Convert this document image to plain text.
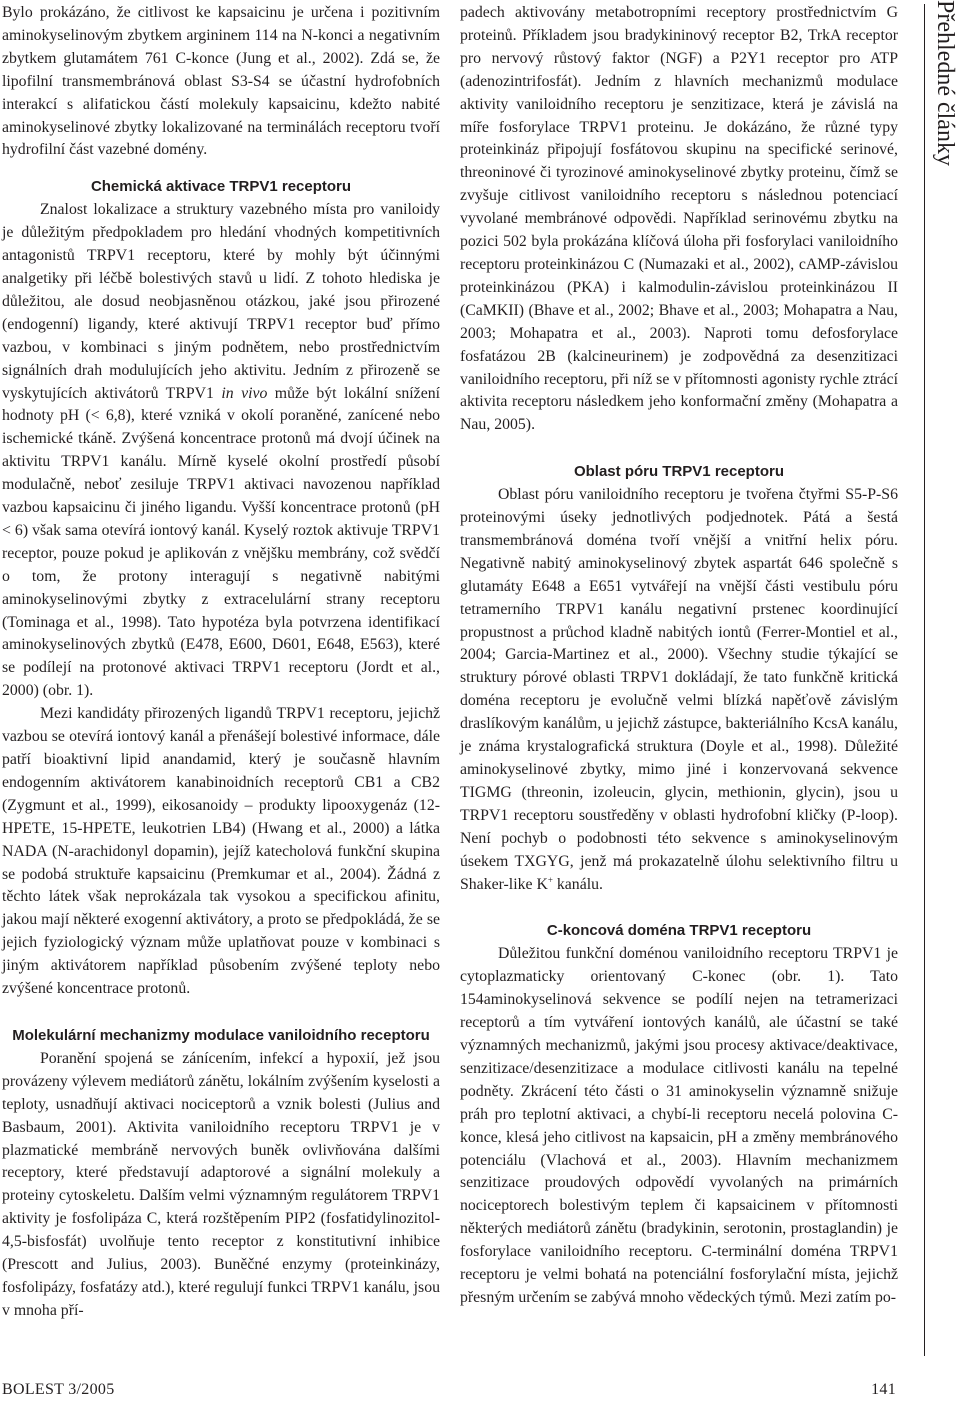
Bylo prokázáno, že citlivost ke kapsaicinu je určena i pozitivním aminokyselinovým zbytkem argininem 114 na N-konci a negativním zbytkem glutamátem 761 C-konce (Jung et al., 2002). Zdá se, že lipofilní transmembránová oblast S3-S4 se účastní hydrofobních interakcí s alifatickou částí molekuly kapsaicinu, kdežto nabité aminokyselinové zbytky lokalizované na terminálách receptoru tvoří hydrofilní část vazebné domény.

Chemická aktivace TRPV1 receptoru

Znalost lokalizace a struktury vazebného místa pro vaniloidy je důležitým předpokladem pro hledání vhodných kompetitivních antagonistů TRPV1 receptoru, které by mohly být účinnými analgetiky při léčbě bolestivých stavů u lidí. Z tohoto hlediska je důležitou, ale dosud neobjasněnou otázkou, jaké jsou přirozené (endogenní) ligandy, které aktivují TRPV1 receptor buď přímo vazbou, v kombinaci s jiným podnětem, nebo prostřednictvím signálních drah modulujících jeho aktivitu. Jedním z přirozeně se vyskytujících aktivátorů TRPV1 in vivo může být lokální snížení hodnoty pH (< 6,8), které vzniká v okolí poraněné, zanícené nebo ischemické tkáně. Zvýšená koncentrace protonů má dvojí účinek na aktivitu TRPV1 kanálu. Mírně kyselé okolní prostředí působí modulačně, neboť zesiluje TRPV1 aktivaci navozenou například vazbou kapsaicinu či jiného ligandu. Vyšší koncentrace protonů (pH < 6) však sama otevírá iontový kanál. Kyselý roztok aktivuje TRPV1 receptor, pouze pokud je aplikován z vnějšku membrány, což svědčí o tom, že protony interagují s negativně nabitými aminokyselinovými zbytky z extracelulární strany receptoru (Tominaga et al., 1998). Tato hypotéza byla potvrzena identifikací aminokyselinových zbytků (E478, E600, D601, E648, E563), které se podílejí na protonové aktivaci TRPV1 receptoru (Jordt et al., 2000) (obr. 1).

Mezi kandidáty přirozených ligandů TRPV1 receptoru, jejichž vazbou se otevírá iontový kanál a přenášejí bolestivé informace, dále patří bioaktivní lipid anandamid, který je současně hlavním endogenním aktivátorem kanabinoidních receptorů CB1 a CB2 (Zygmunt et al., 1999), eikosanoidy – produkty lipooxygenáz (12-HPETE, 15-HPETE, leukotrien LB4) (Hwang et al., 2000) a látka NADA (N-arachidonyl dopamin), jejíž katecholová funkční skupina se podobá struktuře kapsaicinu (Premkumar et al., 2004). Žádná z těchto látek však neprokázala tak vysokou a specifickou afinitu, jakou mají některé exogenní aktivátory, a proto se předpokládá, že se jejich fyziologický význam může uplatňovat pouze v kombinaci s jiným aktivátorem například působením zvýšené teploty nebo zvýšené koncentrace protonů.

Molekulární mechanizmy modulace vaniloidního receptoru

Poranění spojená se zánícením, infekcí a hypoxií, jež jsou provázeny výlevem mediátorů zánětu, lokálním zvýšením kyselosti a teploty, usnadňují aktivaci nociceptorů a vznik bolesti (Julius and Basbaum, 2001). Aktivita vaniloidního receptoru TRPV1 je v plazmatické membráně nervových buněk ovlivňována dalšími receptory, které představují adaptorové a signální molekuly a proteiny cytoskeletu. Dalším velmi významným regulátorem TRPV1 aktivity je fosfolipáza C, která rozštěpením PIP2 (fosfatidylinozitol-4,5-bisfosfát) uvolňuje tento receptor z konstitutivní inhibice (Prescott and Julius, 2003). Buněčné enzymy (proteinkinázy, fosfolipázy, fosfatázy atd.), které regulují funkci TRPV1 kanálu, jsou v mnoha pří-

padech aktivovány metabotropními receptory prostřednictvím G proteinů. Příkladem jsou bradykininový receptor B2, TrkA receptor pro nervový růstový faktor (NGF) a P2Y1 receptor pro ATP (adenozintrifosfát). Jedním z hlavních mechanizmů modulace aktivity vaniloidního receptoru je senzitizace, která je závislá na míře fosforylace TRPV1 proteinu. Je dokázáno, že různé typy proteinkináz připojují fosfátovou skupinu na specifické serinové, threoninové či tyrozinové aminokyselinové zbytky proteinu, čímž se zvyšuje citlivost vaniloidního receptoru s následnou potenciací vyvolané membránové odpovědi. Například serinovému zbytku na pozici 502 byla prokázána klíčová úloha při fosforylaci vaniloidního receptoru proteinkinázou C (Numazaki et al., 2002), cAMP-závislou proteinkinázou (PKA) i kalmodulin-závislou proteinkinázou II (CaMKII) (Bhave et al., 2002; Bhave et al., 2003; Mohapatra a Nau, 2003; Mohapatra et al., 2003). Naproti tomu defosforylace fosfatázou 2B (kalcineurinem) je zodpovědná za desenzitizaci vaniloidního receptoru, při níž se v přítomnosti agonisty rychle ztrácí aktivita receptoru následkem jeho konformační změny (Mohapatra a Nau, 2005).

Oblast póru TRPV1 receptoru

Oblast póru vaniloidního receptoru je tvořena čtyřmi S5-P-S6 proteinovými úseky jednotlivých podjednotek. Pátá a šestá transmembránová doména tvoří vnější a vnitřní helix póru. Negativně nabitý aminokyselinový zbytek aspartát 646 společně s glutamáty E648 a E651 vytvářejí na vnější části vestibulu póru tetramerního TRPV1 kanálu negativní prstenec koordinující propustnost a průchod kladně nabitých iontů (Ferrer-Montiel et al., 2004; Garcia-Martinez et al., 2000). Všechny studie týkající se struktury pórové oblasti TRPV1 dokládají, že tato funkčně kritická doména receptoru je evolučně velmi blízká napěťově závislým draslíkovým kanálům, u jejichž zástupce, bakteriálního KcsA kanálu, je známa krystalografická struktura (Doyle et al., 1998). Důležité aminokyselinové zbytky, mimo jiné i konzervovaná sekvence TIGMG (threonin, izoleucin, glycin, methionin, glycin), jsou u TRPV1 receptoru soustředěny v oblasti hydrofobní kličky (P-loop). Není pochyb o podobnosti této sekvence s aminokyselinovým úsekem TXGYG, jenž má prokazatelně úlohu selektivního filtru u Shaker-like K+ kanálu.

C-koncová doména TRPV1 receptoru

Důležitou funkční doménou vaniloidního receptoru TRPV1 je cytoplazmaticky orientovaný C-konec (obr. 1). Tato 154aminokyselinová sekvence se podílí nejen na tetramerizaci receptorů a tím vytváření iontových kanálů, ale účastní se také významných mechanizmů, jakými jsou procesy aktivace/deaktivace, senzitizace/desenzitizace a modulace citlivosti kanálu na tepelné podněty. Zkrácení této části o 31 aminokyselin významně snižuje práh pro teplotní aktivaci, a chybí-li receptoru necelá polovina C-konce, klesá jeho citlivost na kapsaicin, pH a změny membránového potenciálu (Vlachová et al., 2003). Hlavním mechanizmem senzitizace proudových odpovědí vyvolaných na primárních nociceptorech bolestivým teplem či kapsaicinem v přítomnosti některých mediátorů zánětu (bradykinin, serotonin, prostaglandin) je fosforylace vaniloidního receptoru. C-terminální doména TRPV1 receptoru je velmi bohatá na potenciální fosforylační místa, jejichž přesným určením se zabývá mnoho vědeckých týmů. Mezi zatím po-

Přehledné články
BOLEST 3/2005	141
